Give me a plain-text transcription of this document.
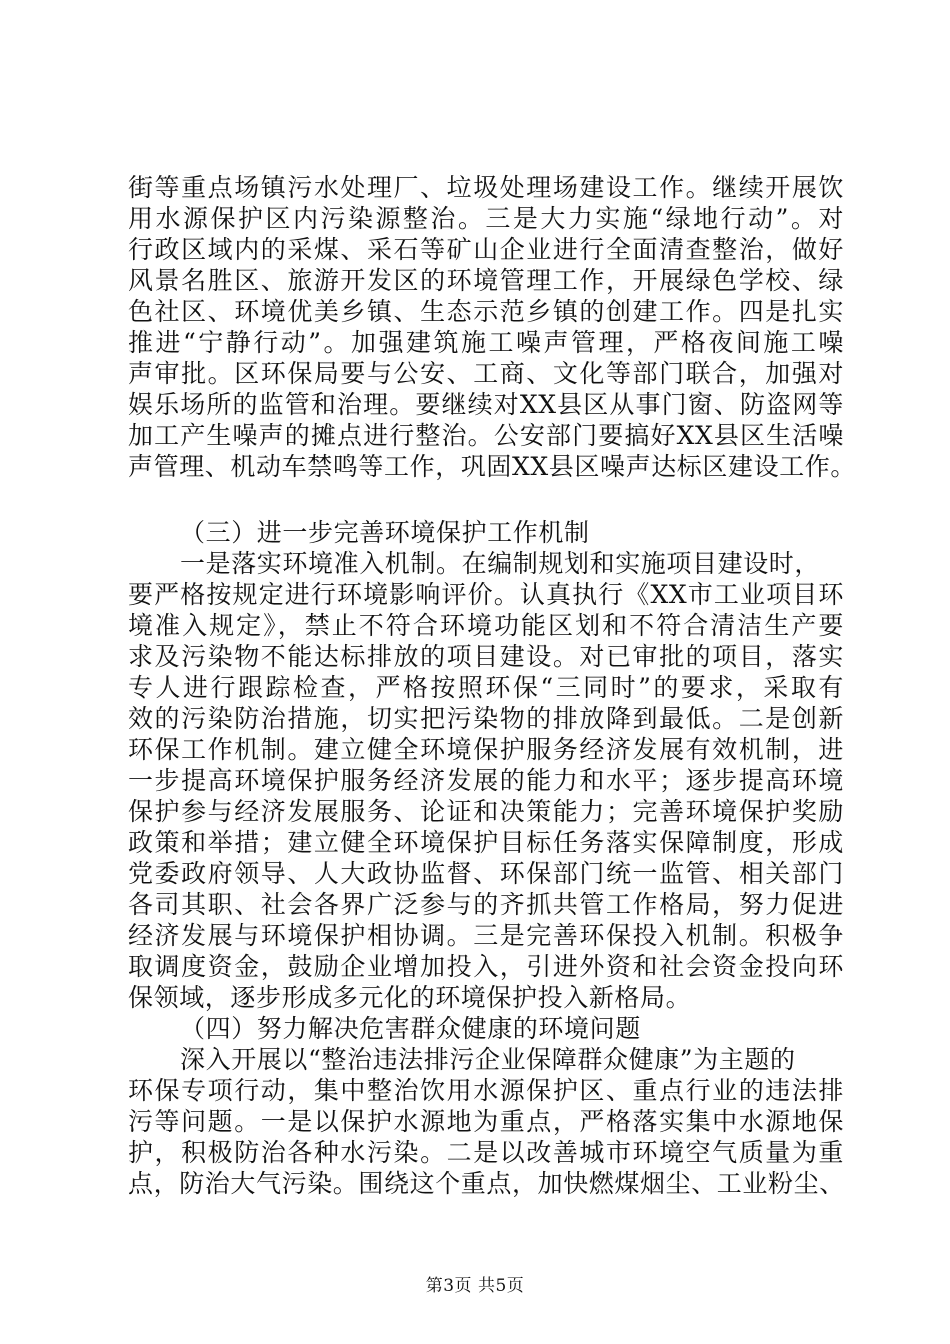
街等重点场镇污水处理厂、垃圾处理场建设工作。继续开展饮
用水源保护区内污染源整治。三是大力实施“绿地行动”。对
行政区域内的采煤、采石等矿山企业进行全面清查整治，做好
风景名胜区、旅游开发区的环境管理工作，开展绿色学校、绿
色社区、环境优美乡镇、生态示范乡镇的创建工作。四是扎实
推进“宁静行动”。加强建筑施工噪声管理，严格夜间施工噪
声审批。区环保局要与公安、工商、文化等部门联合，加强对
娱乐场所的监管和治理。要继续对XX县区从事门窗、防盗网等
加工产生噪声的摊点进行整治。公安部门要搞好XX县区生活噪
声管理、机动车禁鸣等工作，巩固XX县区噪声达标区建设工作。
（三）进一步完善环境保护工作机制
一是落实环境准入机制。在编制规划和实施项目建设时，
要严格按规定进行环境影响评价。认真执行《XX市工业项目环
境准入规定》，禁止不符合环境功能区划和不符合清洁生产要
求及污染物不能达标排放的项目建设。对已审批的项目，落实
专人进行跟踪检查，严格按照环保“三同时”的要求，采取有
效的污染防治措施，切实把污染物的排放降到最低。二是创新
环保工作机制。建立健全环境保护服务经济发展有效机制，进
一步提高环境保护服务经济发展的能力和水平；逐步提高环境
保护参与经济发展服务、论证和决策能力；完善环境保护奖励
政策和举措；建立健全环境保护目标任务落实保障制度，形成
党委政府领导、人大政协监督、环保部门统一监管、相关部门
各司其职、社会各界广泛参与的齐抓共管工作格局，努力促进
经济发展与环境保护相协调。三是完善环保投入机制。积极争
取调度资金，鼓励企业增加投入，引进外资和社会资金投向环
保领域，逐步形成多元化的环境保护投入新格局。
（四）努力解决危害群众健康的环境问题
深入开展以“整治违法排污企业保障群众健康”为主题的
环保专项行动，集中整治饮用水源保护区、重点行业的违法排
污等问题。一是以保护水源地为重点，严格落实集中水源地保
护，积极防治各种水污染。二是以改善城市环境空气质量为重
点，防治大气污染。围绕这个重点，加快燃煤烟尘、工业粉尘、
第3页 共5页
